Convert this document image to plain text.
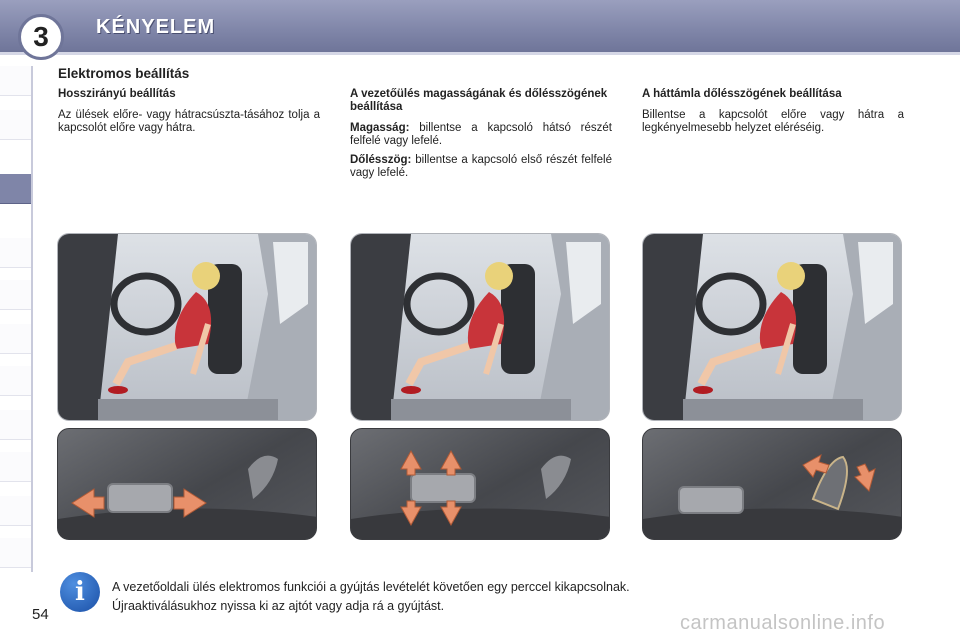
3	KÉNYELEM
Elektromos beállítás
Hosszirányú beállítás

Az ülések előre- vagy hátracsúszta-tásához tolja a kapcsolót előre vagy hátra.

A vezetőülés magasságának és dőlésszögének beállítása

Magasság: billentse a kapcsoló hátsó részét felfelé vagy lefelé.

Dőlésszög: billentse a kapcsoló első részét felfelé vagy lefelé.

A háttámla dőlésszögének beállítása

Billentse a kapcsolót előre vagy hátra a legkényelmesebb helyzet eléréséig.

i	A vezetőoldali ülés elektromos funkciói a gyújtás levételét követően egy perccel kikapcsolnak.
Újraaktiválásukhoz nyissa ki az ajtót vagy adja rá a gyújtást.
54	carmanualsonline.info
